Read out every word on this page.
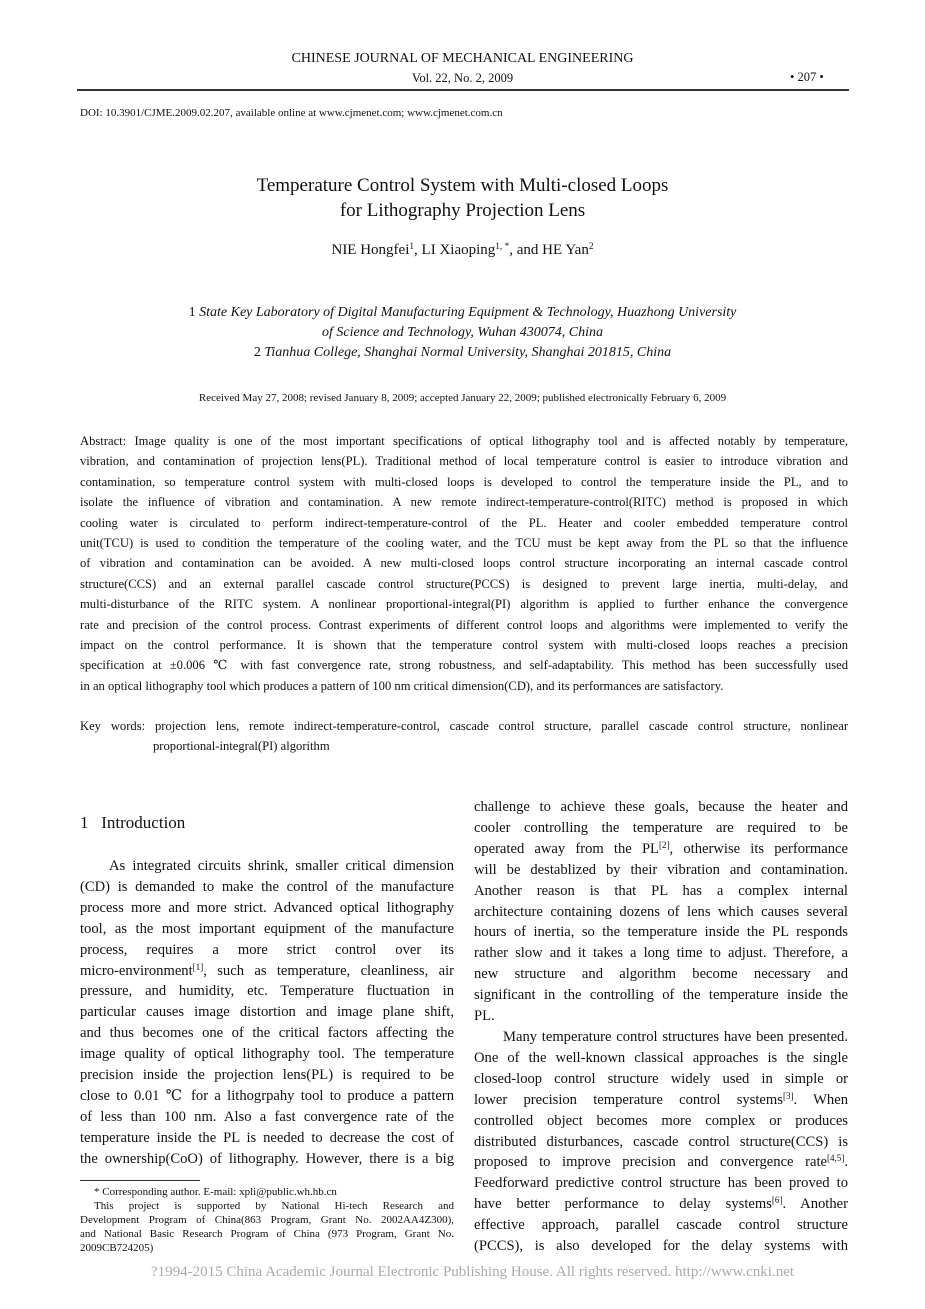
CHINESE JOURNAL OF MECHANICAL ENGINEERING
Vol. 22, No. 2, 2009	• 207 •
DOI: 10.3901/CJME.2009.02.207, available online at www.cjmenet.com; www.cjmenet.com.cn
Temperature Control System with Multi-closed Loops
for Lithography Projection Lens
NIE Hongfei$^1$, LI Xiaoping$^{1, *}$, and HE Yan$^2$
1 State Key Laboratory of Digital Manufacturing Equipment & Technology, Huazhong University
of Science and Technology, Wuhan 430074, China
2 Tianhua College, Shanghai Normal University, Shanghai 201815, China
Received May 27, 2008; revised January 8, 2009; accepted January 22, 2009; published electronically February 6, 2009
Abstract: Image quality is one of the most important specifications of optical lithography tool and is affected notably by temperature,
vibration, and contamination of projection lens(PL). Traditional method of local temperature control is easier to introduce vibration and
contamination, so temperature control system with multi-closed loops is developed to control the temperature inside the PL, and to
isolate the influence of vibration and contamination. A new remote indirect-temperature-control(RITC) method is proposed in which
cooling water is circulated to perform indirect-temperature-control of the PL. Heater and cooler embedded temperature control
unit(TCU) is used to condition the temperature of the cooling water, and the TCU must be kept away from the PL so that the influence
of vibration and contamination can be avoided. A new multi-closed loops control structure incorporating an internal cascade control
structure(CCS) and an external parallel cascade control structure(PCCS) is designed to prevent large inertia, multi-delay, and
multi-disturbance of the RITC system. A nonlinear proportional-integral(PI) algorithm is applied to further enhance the convergence
rate and precision of the control process. Contrast experiments of different control loops and algorithms were implemented to verify the
impact on the control performance. It is shown that the temperature control system with multi-closed loops reaches a precision
specification at ±0.006 ℃ with fast convergence rate, strong robustness, and self-adaptability. This method has been successfully used
in an optical lithography tool which produces a pattern of 100 nm critical dimension(CD), and its performances are satisfactory.
Key words: projection lens, remote indirect-temperature-control, cascade control structure, parallel cascade control structure, nonlinear
proportional-integral(PI) algorithm
1 Introduction
As integrated circuits shrink, smaller critical dimension
(CD) is demanded to make the control of the manufacture
process more and more strict. Advanced optical lithography
tool, as the most important equipment of the manufacture
process, requires a more strict control over its
micro-environment[1], such as temperature, cleanliness, air
pressure, and humidity, etc. Temperature fluctuation in
particular causes image distortion and image plane shift,
and thus becomes one of the critical factors affecting the
image quality of optical lithography tool. The temperature
precision inside the projection lens(PL) is required to be
close to 0.01 ℃ for a lithogrpahy tool to produce a pattern
of less than 100 nm. Also a fast convergence rate of the
temperature inside the PL is needed to decrease the cost of
the ownership(CoO) of lithography. However, there is a big
challenge to achieve these goals, because the heater and
cooler controlling the temperature are required to be
operated away from the PL[2], otherwise its performance
will be destablized by their vibration and contamination.
Another reason is that PL has a complex internal
architecture containing dozens of lens which causes several
hours of inertia, so the temperature inside the PL responds
rather slow and it takes a long time to adjust. Therefore, a
new structure and algorithm become necessary and
significant in the controlling of the temperature inside the
PL.
Many temperature control structures have been presented.
One of the well-known classical approaches is the single
closed-loop control structure widely used in simple or
lower precision temperature control systems[3]. When
controlled object becomes more complex or produces
distributed disturbances, cascade control structure(CCS) is
proposed to improve precision and convergence rate[4,5].
Feedforward predictive control structure has been proved to
have better performance to delay systems[6]. Another
effective approach, parallel cascade control structure
(PCCS), is also developed for the delay systems with
* Corresponding author. E-mail: xpli@public.wh.hb.cn
This project is supported by National Hi-tech Research and
Development Program of China(863 Program, Grant No. 2002AA4Z300),
and National Basic Research Program of China (973 Program, Grant No.
2009CB724205)
?1994-2015 China Academic Journal Electronic Publishing House. All rights reserved. http://www.cnki.net
